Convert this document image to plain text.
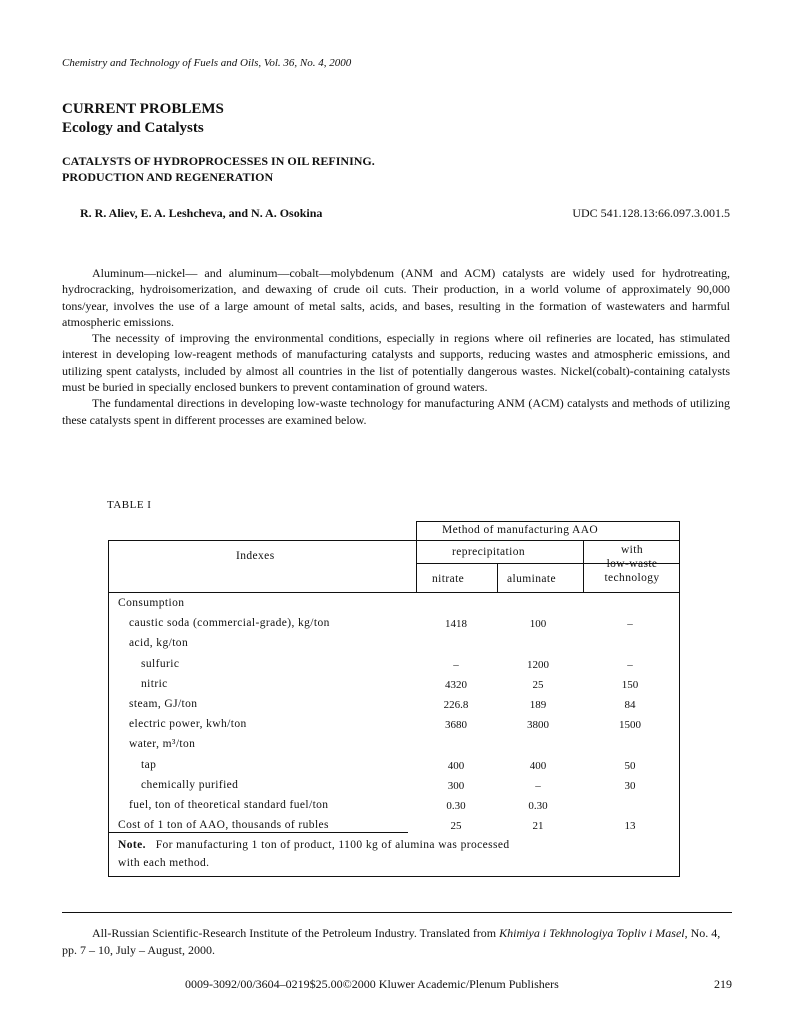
Chemistry and Technology of Fuels and Oils, Vol. 36, No. 4, 2000
CURRENT PROBLEMS
Ecology and Catalysts
CATALYSTS OF HYDROPROCESSES IN OIL REFINING.
PRODUCTION AND REGENERATION
R. R. Aliev, E. A. Leshcheva, and N. A. Osokina	UDC 541.128.13:66.097.3.001.5

Aluminum—nickel— and aluminum—cobalt—molybdenum (ANM and ACM) catalysts are widely used for hydrotreating, hydrocracking, hydroisomerization, and dewaxing of crude oil cuts. Their production, in a world volume of approximately 90,000 tons/year, involves the use of a large amount of metal salts, acids, and bases, resulting in the formation of wastewaters and harmful atmospheric emissions.

The necessity of improving the environmental conditions, especially in regions where oil refineries are located, has stimulated interest in developing low-reagent methods of manufacturing catalysts and supports, reducing wastes and atmospheric emissions, and utilizing spent catalysts, included by almost all countries in the list of potentially dangerous wastes. Nickel(cobalt)-containing catalysts must be buried in specially enclosed bunkers to prevent contamination of ground waters.

The fundamental directions in developing low-waste technology for manufacturing ANM (ACM) catalysts and methods of utilizing these catalysts spent in different processes are examined below.

TABLE I
Indexes
Method of manufacturing AAO
reprecipitation	with
low-waste
technology
nitrate	aluminate
Consumption
caustic soda (commercial-grade), kg/ton	1418	100	–
acid, kg/ton
sulfuric	–	1200	–
nitric	4320	25	150
steam, GJ/ton	226.8	189	84
electric power, kwh/ton	3680	3800	1500
water, m³/ton
tap	400	400	50
chemically purified	300	–	30
fuel, ton of theoretical standard fuel/ton	0.30	0.30
Cost of 1 ton of AAO, thousands of rubles	25	21	13
Note. For manufacturing 1 ton of product, 1100 kg of alumina was processed
with each method.
All-Russian Scientific-Research Institute of the Petroleum Industry. Translated from Khimiya i Tekhnologiya Topliv i Masel, No. 4, pp. 7 – 10, July – August, 2000.
0009-3092/00/3604–0219$25.00©2000 Kluwer Academic/Plenum Publishers	219
